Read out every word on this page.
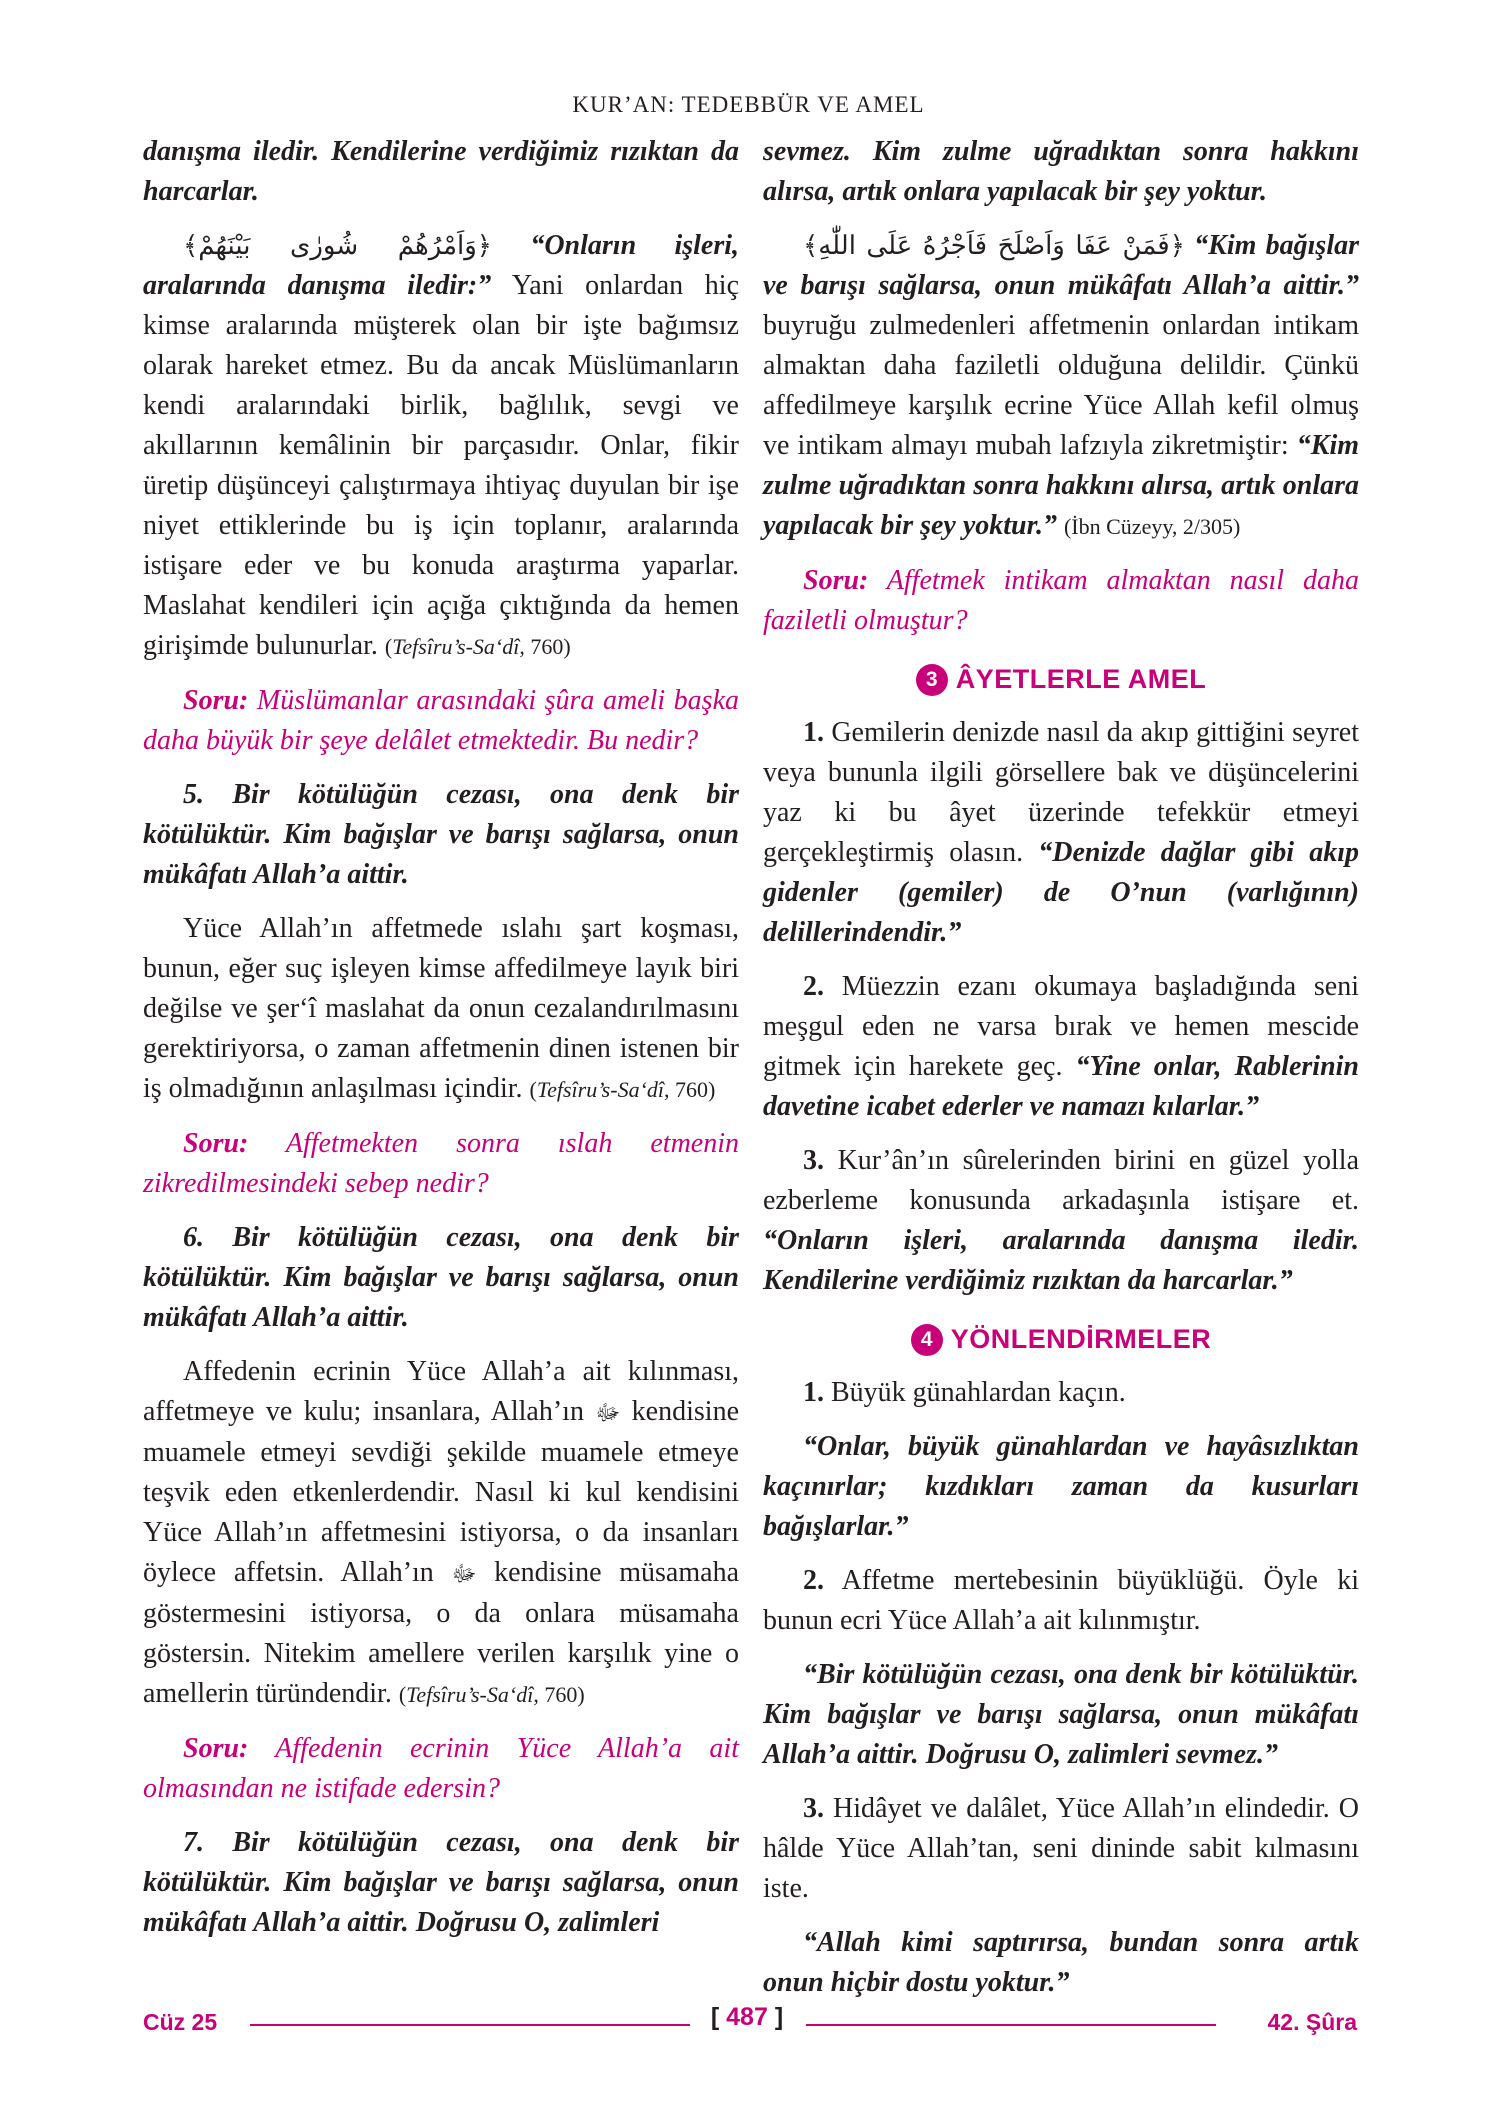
KUR’AN: TEDEBBÜR VE AMEL

danışma iledir. Kendilerine verdiğimiz rızıktan da harcarlar.

﴿وَاَمْرُهُمْ شُورٰى بَيْنَهُمْ﴾ “Onların işleri, aralarında danışma iledir:” Yani onlardan hiç kimse aralarında müşterek olan bir işte bağımsız olarak hareket etmez. Bu da ancak Müslümanların kendi aralarındaki birlik, bağlılık, sevgi ve akıllarının kemâlinin bir parçasıdır. Onlar, fikir üretip düşünceyi çalıştırmaya ihtiyaç duyulan bir işe niyet ettiklerinde bu iş için toplanır, aralarında istişare eder ve bu konuda araştırma yaparlar. Maslahat kendileri için açığa çıktığında da hemen girişimde bulunurlar. (Tefsîru’s-Sa‘dî, 760)

Soru: Müslümanlar arasındaki şûra ameli başka daha büyük bir şeye delâlet etmektedir. Bu nedir?

5. Bir kötülüğün cezası, ona denk bir kötülüktür. Kim bağışlar ve barışı sağlarsa, onun mükâfatı Allah’a aittir.

Yüce Allah’ın affetmede ıslahı şart koşması, bunun, eğer suç işleyen kimse affedilmeye layık biri değilse ve şer‘î maslahat da onun cezalandırılmasını gerektiriyorsa, o zaman affetmenin dinen istenen bir iş olmadığının anlaşılması içindir. (Tefsîru’s-Sa‘dî, 760)

Soru: Affetmekten sonra ıslah etmenin zikredilmesindeki sebep nedir?

6. Bir kötülüğün cezası, ona denk bir kötülüktür. Kim bağışlar ve barışı sağlarsa, onun mükâfatı Allah’a aittir.

Affedenin ecrinin Yüce Allah’a ait kılınması, affetmeye ve kulu; insanlara, Allah’ın ﷻ kendisine muamele etmeyi sevdiği şekilde muamele etmeye teşvik eden etkenlerdendir. Nasıl ki kul kendisini Yüce Allah’ın affetmesini istiyorsa, o da insanları öylece affetsin. Allah’ın ﷻ kendisine müsamaha göstermesini istiyorsa, o da onlara müsamaha göstersin. Nitekim amellere verilen karşılık yine o amellerin türündendir. (Tefsîru’s-Sa‘dî, 760)

Soru: Affedenin ecrinin Yüce Allah’a ait olmasından ne istifade edersin?

7. Bir kötülüğün cezası, ona denk bir kötülüktür. Kim bağışlar ve barışı sağlarsa, onun mükâfatı Allah’a aittir. Doğrusu O, zalimleri

sevmez. Kim zulme uğradıktan sonra hakkını alırsa, artık onlara yapılacak bir şey yoktur.

﴿فَمَنْ عَفَا وَاَصْلَحَ فَاَجْرُهُ عَلَى اللّٰهِ﴾ “Kim bağışlar ve barışı sağlarsa, onun mükâfatı Allah’a aittir.” buyruğu zulmedenleri affetmenin onlardan intikam almaktan daha faziletli olduğuna delildir. Çünkü affedilmeye karşılık ecrine Yüce Allah kefil olmuş ve intikam almayı mubah lafzıyla zikretmiştir: “Kim zulme uğradıktan sonra hakkını alırsa, artık onlara yapılacak bir şey yoktur.” (İbn Cüzeyy, 2/305)

Soru: Affetmek intikam almaktan nasıl daha faziletli olmuştur?

3 ÂYETLERLE AMEL

1. Gemilerin denizde nasıl da akıp gittiğini seyret veya bununla ilgili görsellere bak ve düşüncelerini yaz ki bu âyet üzerinde tefekkür etmeyi gerçekleştirmiş olasın. “Denizde dağlar gibi akıp gidenler (gemiler) de O’nun (varlığının) delillerindendir.”

2. Müezzin ezanı okumaya başladığında seni meşgul eden ne varsa bırak ve hemen mescide gitmek için harekete geç. “Yine onlar, Rablerinin davetine icabet ederler ve namazı kılarlar.”

3. Kur’ân’ın sûrelerinden birini en güzel yolla ezberleme konusunda arkadaşınla istişare et. “Onların işleri, aralarında danışma iledir. Kendilerine verdiğimiz rızıktan da harcarlar.”

4 YÖNLENDİRMELER

1. Büyük günahlardan kaçın.

“Onlar, büyük günahlardan ve hayâsızlıktan kaçınırlar; kızdıkları zaman da kusurları bağışlarlar.”

2. Affetme mertebesinin büyüklüğü. Öyle ki bunun ecri Yüce Allah’a ait kılınmıştır.

“Bir kötülüğün cezası, ona denk bir kötülüktür. Kim bağışlar ve barışı sağlarsa, onun mükâfatı Allah’a aittir. Doğrusu O, zalimleri sevmez.”

3. Hidâyet ve dalâlet, Yüce Allah’ın elindedir. O hâlde Yüce Allah’tan, seni dininde sabit kılmasını iste.

“Allah kimi saptırırsa, bundan sonra artık onun hiçbir dostu yoktur.”

Cüz 25	[ 487 ]	42. Şûra
